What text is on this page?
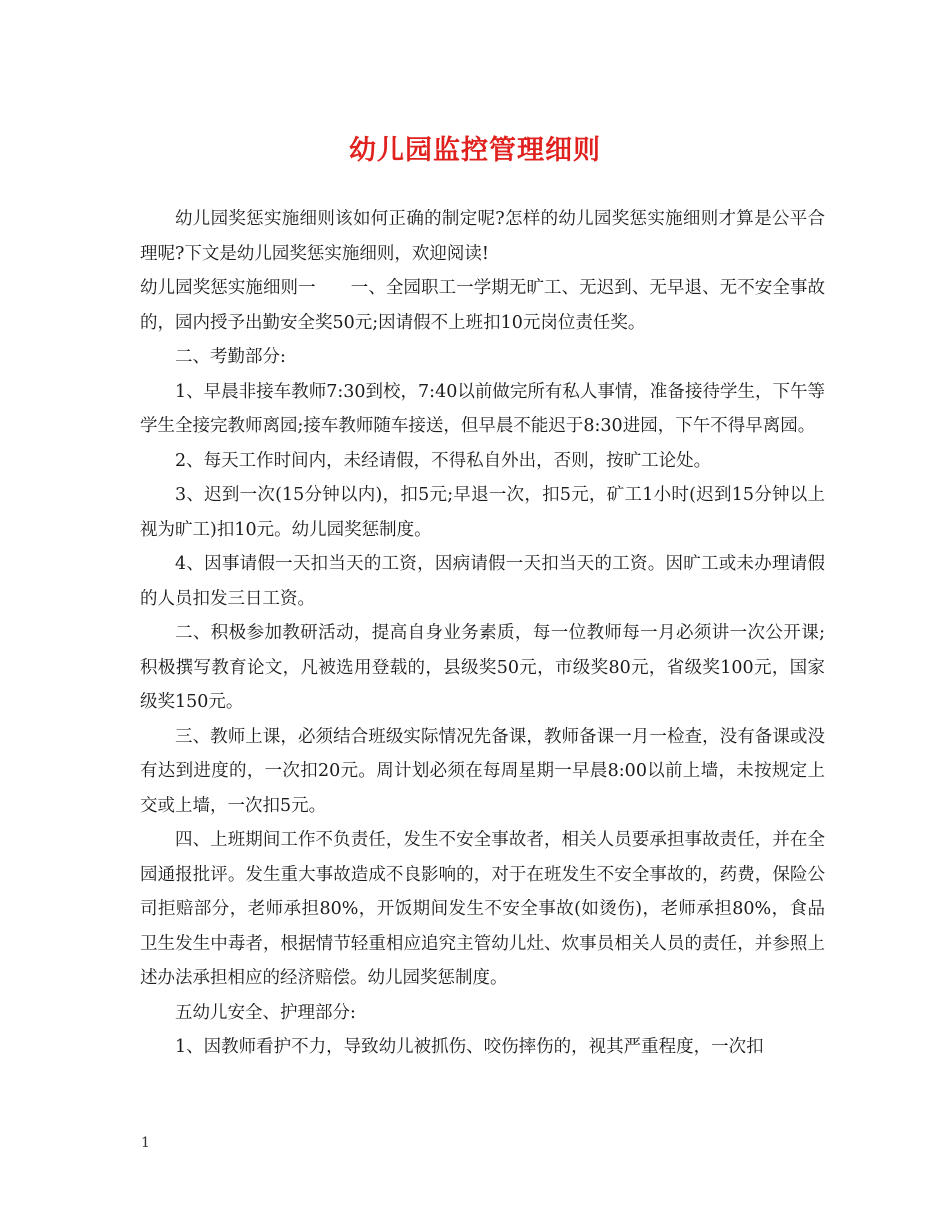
幼儿园监控管理细则

幼儿园奖惩实施细则该如何正确的制定呢?怎样的幼儿园奖惩实施细则才算是公平合理呢?下文是幼儿园奖惩实施细则，欢迎阅读!

幼儿园奖惩实施细则一　　一、全园职工一学期无旷工、无迟到、无早退、无不安全事故的，园内授予出勤安全奖50元;因请假不上班扣10元岗位责任奖。

二、考勤部分:

1、早晨非接车教师7:30到校，7:40以前做完所有私人事情，准备接待学生，下午等学生全接完教师离园;接车教师随车接送，但早晨不能迟于8:30进园，下午不得早离园。

2、每天工作时间内，未经请假，不得私自外出，否则，按旷工论处。

3、迟到一次(15分钟以内)，扣5元;早退一次，扣5元，矿工1小时(迟到15分钟以上视为旷工)扣10元。幼儿园奖惩制度。

4、因事请假一天扣当天的工资，因病请假一天扣当天的工资。因旷工或未办理请假的人员扣发三日工资。

二、积极参加教研活动，提高自身业务素质，每一位教师每一月必须讲一次公开课;积极撰写教育论文，凡被选用登载的，县级奖50元，市级奖80元，省级奖100元，国家级奖150元。

三、教师上课，必须结合班级实际情况先备课，教师备课一月一检查，没有备课或没有达到进度的，一次扣20元。周计划必须在每周星期一早晨8:00以前上墙，未按规定上交或上墙，一次扣5元。

四、上班期间工作不负责任，发生不安全事故者，相关人员要承担事故责任，并在全园通报批评。发生重大事故造成不良影响的，对于在班发生不安全事故的，药费，保险公司拒赔部分，老师承担80%，开饭期间发生不安全事故(如烫伤)，老师承担80%，食品卫生发生中毒者，根据情节轻重相应追究主管幼儿灶、炊事员相关人员的责任，并参照上述办法承担相应的经济赔偿。幼儿园奖惩制度。

五幼儿安全、护理部分:

1、因教师看护不力，导致幼儿被抓伤、咬伤摔伤的，视其严重程度，一次扣

1
